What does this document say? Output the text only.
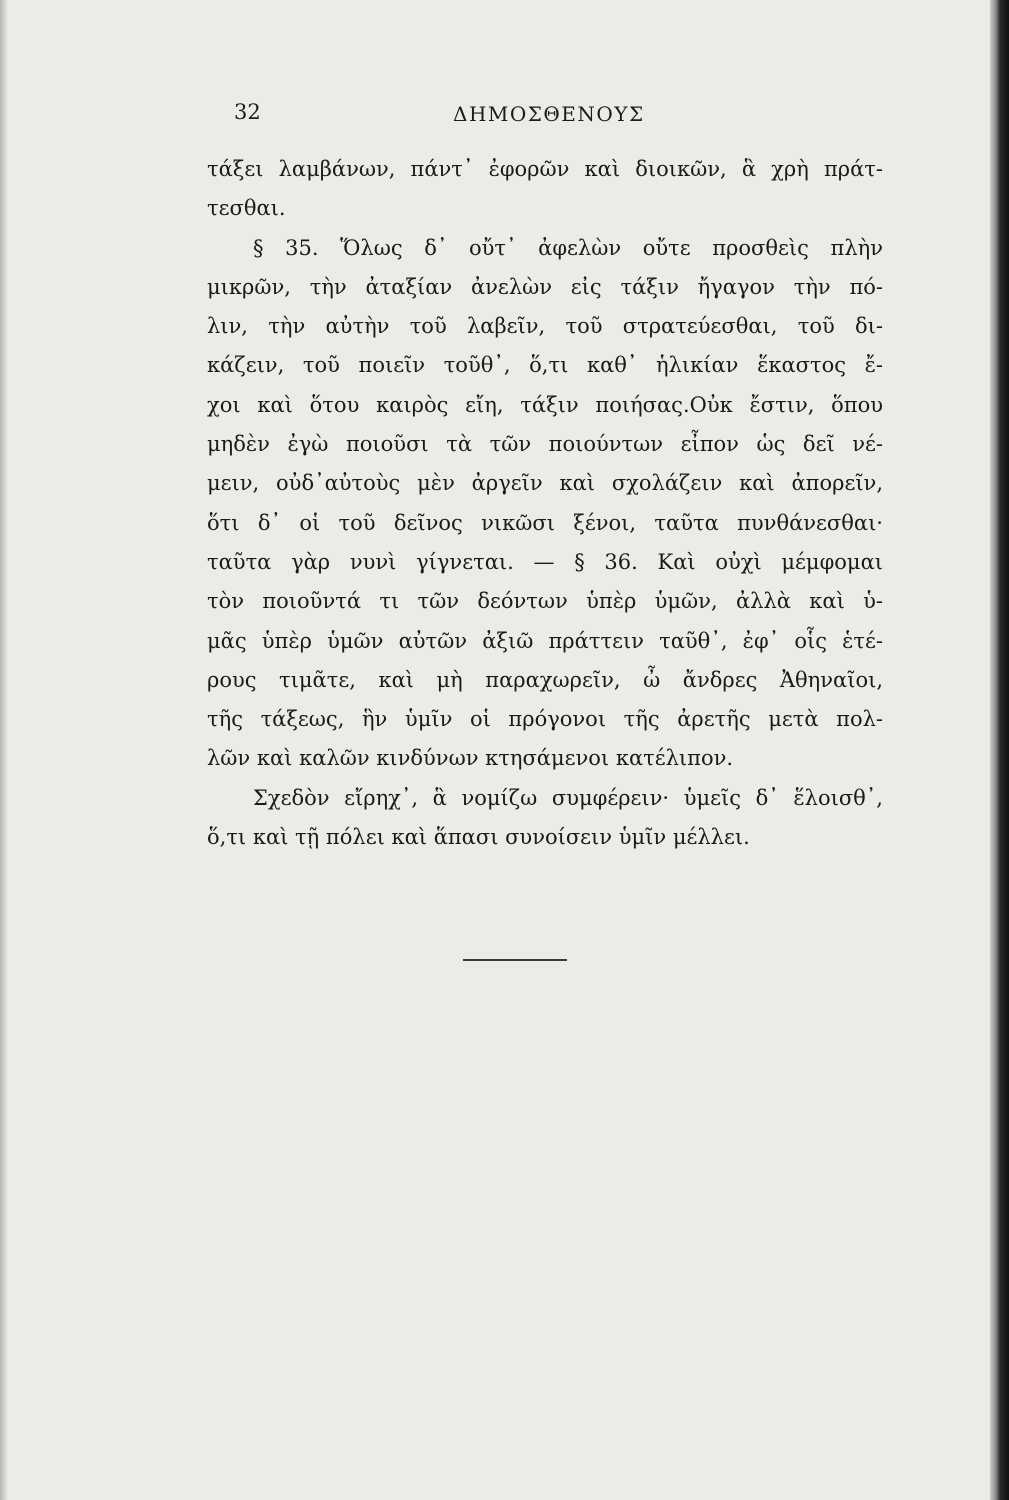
32	ΔΗΜΟΣΘΕΝΟΥΣ
τάξει λαμβάνων, πάντ᾽ ἐφορῶν καὶ διοικῶν, ἃ χρὴ πράτ-
τεσθαι.
§ 35. Ὅλως δ᾽ οὔτ᾽ ἀφελὼν οὔτε προσθεὶς πλὴν
μικρῶν, τὴν ἀταξίαν ἀνελὼν εἰς τάξιν ἤγαγον τὴν πό-
λιν, τὴν αὐτὴν τοῦ λαβεῖν, τοῦ στρατεύεσθαι, τοῦ δι-
κάζειν, τοῦ ποιεῖν τοῦθ᾽, ὅ,τι καθ᾽ ἡλικίαν ἕκαστος ἔ-
χοι καὶ ὅτου καιρὸς εἴη, τάξιν ποιήσας.Οὐκ ἔστιν, ὅπου
μηδὲν ἐγὼ ποιοῦσι τὰ τῶν ποιούντων εἶπον ὡς δεῖ νέ-
μειν, οὐδ᾽αὐτοὺς μὲν ἀργεῖν καὶ σχολάζειν καὶ ἀπορεῖν,
ὅτι δ᾽ οἱ τοῦ δεῖνος νικῶσι ξένοι, ταῦτα πυνθάνεσθαι·
ταῦτα γὰρ νυνὶ γίγνεται. — § 36. Καὶ οὐχὶ μέμφομαι
τὸν ποιοῦντά τι τῶν δεόντων ὑπὲρ ὑμῶν, ἀλλὰ καὶ ὑ-
μᾶς ὑπὲρ ὑμῶν αὐτῶν ἀξιῶ πράττειν ταῦθ᾽, ἐφ᾽ οἷς ἑτέ-
ρους τιμᾶτε, καὶ μὴ παραχωρεῖν, ὦ ἄνδρες Ἀθηναῖοι,
τῆς τάξεως, ἣν ὑμῖν οἱ πρόγονοι τῆς ἀρετῆς μετὰ πολ-
λῶν καὶ καλῶν κινδύνων κτησάμενοι κατέλιπον.
Σχεδὸν εἴρηχ᾽, ἃ νομίζω συμφέρειν· ὑμεῖς δ᾽ ἕλοισθ᾽,
ὅ,τι καὶ τῇ πόλει καὶ ἅπασι συνοίσειν ὑμῖν μέλλει.
